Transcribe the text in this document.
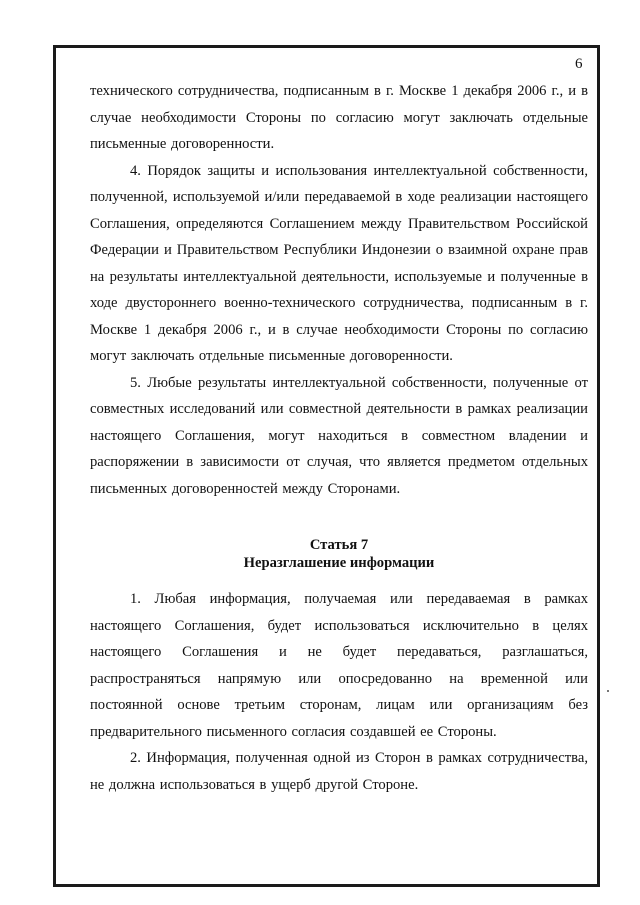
6

технического сотрудничества, подписанным в г. Москве 1 декабря 2006 г., и в случае необходимости Стороны по согласию могут заключать отдельные письменные договоренности.

4. Порядок защиты и использования интеллектуальной собственности, полученной, используемой и/или передаваемой в ходе реализации настоящего Соглашения, определяются Соглашением между Правительством Российской Федерации и Правительством Республики Индонезии о взаимной охране прав на результаты интеллектуальной деятельности, используемые и полученные в ходе двустороннего военно-технического сотрудничества, подписанным в г. Москве 1 декабря 2006 г., и в случае необходимости Стороны по согласию могут заключать отдельные письменные договоренности.

5. Любые результаты интеллектуальной собственности, полученные от совместных исследований или совместной деятельности в рамках реализации настоящего Соглашения, могут находиться в совместном владении и распоряжении в зависимости от случая, что является предметом отдельных письменных договоренностей между Сторонами.

Статья 7

Неразглашение информации

1. Любая информация, получаемая или передаваемая в рамках настоящего Соглашения, будет использоваться исключительно в целях настоящего Соглашения и не будет передаваться, разглашаться, распространяться напрямую или опосредованно на временной или постоянной основе третьим сторонам, лицам или организациям без предварительного письменного согласия создавшей ее Стороны.

2. Информация, полученная одной из Сторон в рамках сотрудничества, не должна использоваться в ущерб другой Стороне.
